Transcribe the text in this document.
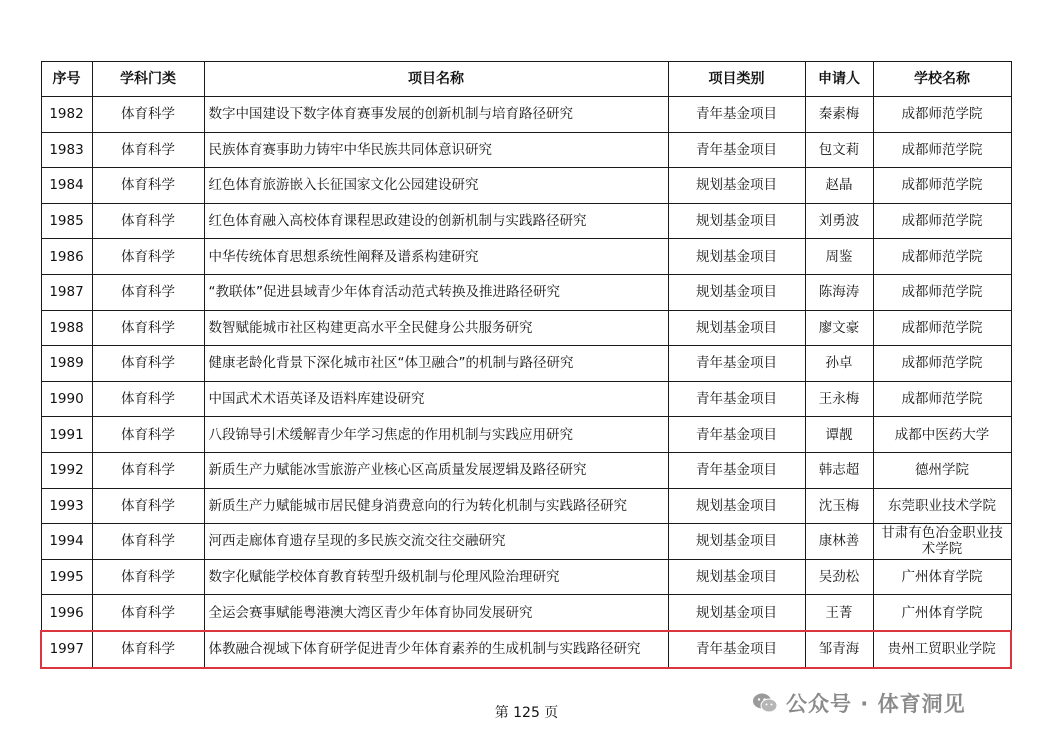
序号	学科门类	项目名称	项目类别	申请人	学校名称
1982	体育科学	数字中国建设下数字体育赛事发展的创新机制与培育路径研究	青年基金项目	秦素梅	成都师范学院
1983	体育科学	民族体育赛事助力铸牢中华民族共同体意识研究	青年基金项目	包文莉	成都师范学院
1984	体育科学	红色体育旅游嵌入长征国家文化公园建设研究	规划基金项目	赵晶	成都师范学院
1985	体育科学	红色体育融入高校体育课程思政建设的创新机制与实践路径研究	规划基金项目	刘勇波	成都师范学院
1986	体育科学	中华传统体育思想系统性阐释及谱系构建研究	规划基金项目	周鉴	成都师范学院
1987	体育科学	“教联体”促进县域青少年体育活动范式转换及推进路径研究	规划基金项目	陈海涛	成都师范学院
1988	体育科学	数智赋能城市社区构建更高水平全民健身公共服务研究	规划基金项目	廖文豪	成都师范学院
1989	体育科学	健康老龄化背景下深化城市社区“体卫融合”的机制与路径研究	青年基金项目	孙卓	成都师范学院
1990	体育科学	中国武术术语英译及语料库建设研究	青年基金项目	王永梅	成都师范学院
1991	体育科学	八段锦导引术缓解青少年学习焦虑的作用机制与实践应用研究	青年基金项目	谭靓	成都中医药大学
1992	体育科学	新质生产力赋能冰雪旅游产业核心区高质量发展逻辑及路径研究	青年基金项目	韩志超	德州学院
1993	体育科学	新质生产力赋能城市居民健身消费意向的行为转化机制与实践路径研究	规划基金项目	沈玉梅	东莞职业技术学院
1994	体育科学	河西走廊体育遗存呈现的多民族交流交往交融研究	规划基金项目	康林善	甘肃有色冶金职业技术学院
1995	体育科学	数字化赋能学校体育教育转型升级机制与伦理风险治理研究	规划基金项目	吴劲松	广州体育学院
1996	体育科学	全运会赛事赋能粤港澳大湾区青少年体育协同发展研究	规划基金项目	王菁	广州体育学院
1997	体育科学	体教融合视域下体育研学促进青少年体育素养的生成机制与实践路径研究	青年基金项目	邹青海	贵州工贸职业学院
第 125 页	公众号 · 体育洞见
